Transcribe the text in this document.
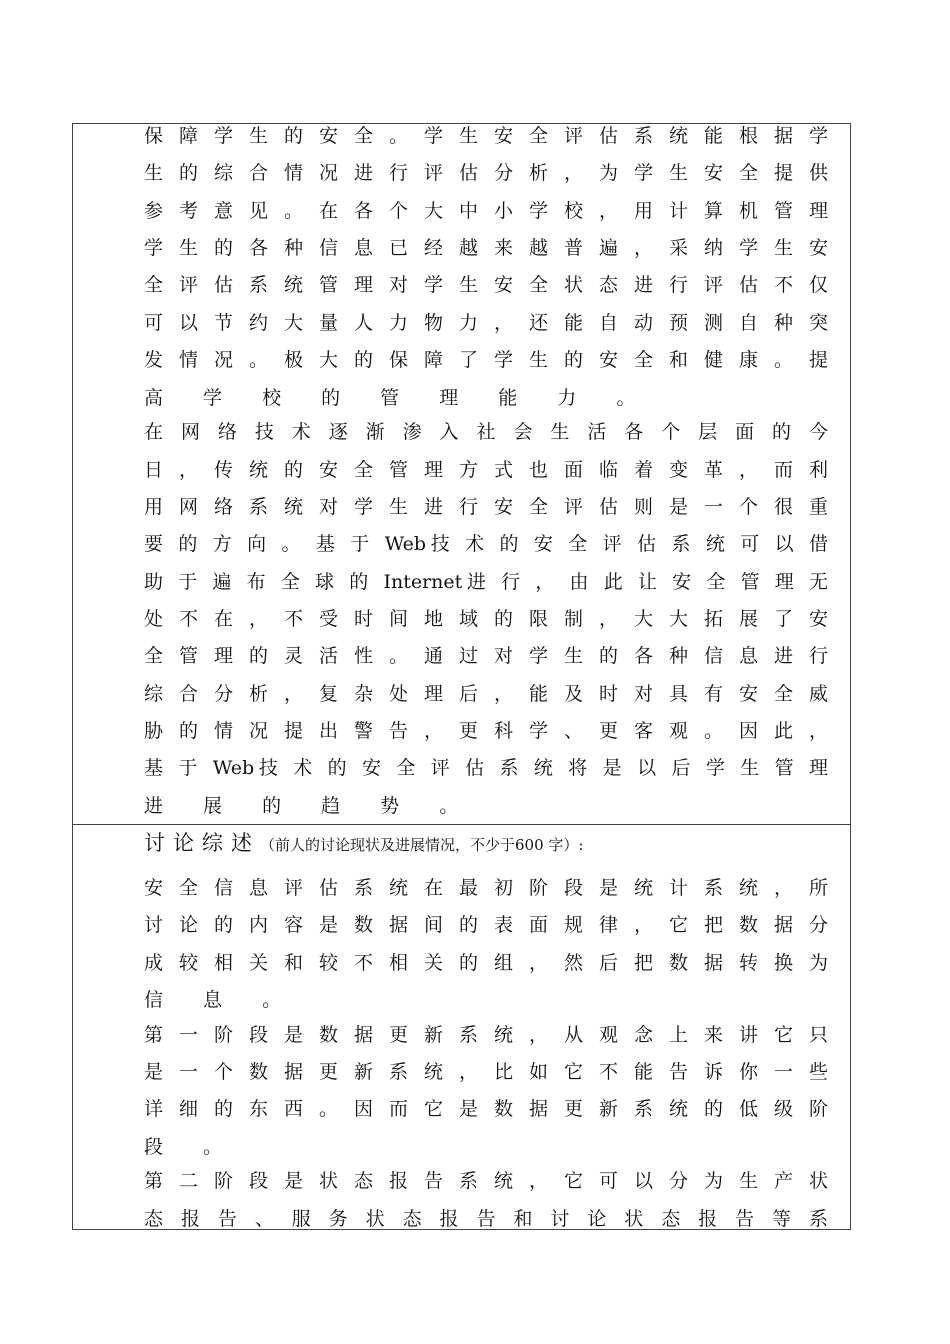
保 障 学 生 的 安 全 。 学 生 安 全 评 估 系 统 能 根 据 学
生 的 综 合 情 况 进 行 评 估 分 析 ， 为 学 生 安 全 提 供
参 考 意 见 。 在 各 个 大 中 小 学 校 ， 用 计 算 机 管 理
学 生 的 各 种 信 息 已 经 越 来 越 普 遍 ， 采 纳 学 生 安
全 评 估 系 统 管 理 对 学 生 安 全 状 态 进 行 评 估 不 仅
可 以 节 约 大 量 人 力 物 力 ， 还 能 自 动 预 测 自 种 突
发 情 况 。 极 大 的 保 障 了 学 生 的 安 全 和 健 康 。 提
高 学 校 的 管 理 能 力 。
在 网 络 技 术 逐 渐 渗 入 社 会 生 活 各 个 层 面 的 今
日 ， 传 统 的 安 全 管 理 方 式 也 面 临 着 变 革 ， 而 利
用 网 络 系 统 对 学 生 进 行 安 全 评 估 则 是 一 个 很 重
要 的 方 向 。 基 于 Web技 术 的 安 全 评 估 系 统 可 以 借
助 于 遍 布 全 球 的 Internet进 行 ， 由 此 让 安 全 管 理 无
处 不 在 ， 不 受 时 间 地 域 的 限 制 ， 大 大 拓 展 了 安
全 管 理 的 灵 活 性 。 通 过 对 学 生 的 各 种 信 息 进 行
综 合 分 析 ， 复 杂 处 理 后 ， 能 及 时 对 具 有 安 全 威
胁 的 情 况 提 出 警 告 ， 更 科 学 、 更 客 观 。 因 此 ，
基 于 Web技 术 的 安 全 评 估 系 统 将 是 以 后 学 生 管 理
进 展 的 趋 势 。
讨论综述（前人的讨论现状及进展情况，不少于600 字）:
安 全 信 息 评 估 系 统 在 最 初 阶 段 是 统 计 系 统 ， 所
讨 论 的 内 容 是 数 据 间 的 表 面 规 律 ， 它 把 数 据 分
成 较 相 关 和 较 不 相 关 的 组 ， 然 后 把 数 据 转 换 为
信 息 。
第 一 阶 段 是 数 据 更 新 系 统 ， 从 观 念 上 来 讲 它 只
是 一 个 数 据 更 新 系 统 ， 比 如 它 不 能 告 诉 你 一 些
详 细 的 东 西 。 因 而 它 是 数 据 更 新 系 统 的 低 级 阶
段 。
第 二 阶 段 是 状 态 报 告 系 统 ， 它 可 以 分 为 生 产 状
态 报 告 、 服 务 状 态 报 告 和 讨 论 状 态 报 告 等 系
